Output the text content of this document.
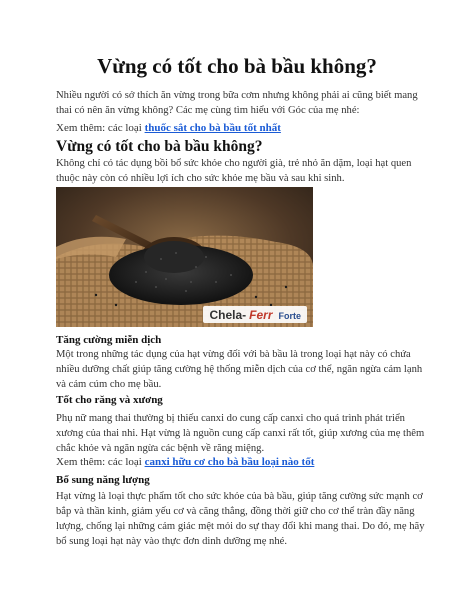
Vừng có tốt cho bà bầu không?

Nhiều người có sở thích ăn vừng trong bữa cơm nhưng không phải ai cũng biết mang thai có nên ăn vừng không? Các mẹ cùng tìm hiểu với Góc của mẹ nhé:

Xem thêm: các loại thuốc sắt cho bà bầu tốt nhất

Vừng có tốt cho bà bầu không?

Không chỉ có tác dụng bồi bổ sức khỏe cho người già, trẻ nhỏ ăn dặm, loại hạt quen thuộc này còn có nhiều lợi ích cho sức khỏe mẹ bầu và sau khi sinh.

Chela- Ferr Forte
Tăng cường miễn dịch

Một trong những tác dụng của hạt vừng đối với bà bầu là trong loại hạt này có chứa nhiều dưỡng chất giúp tăng cường hệ thống miễn dịch của cơ thể, ngăn ngừa cảm lạnh và cảm cúm cho mẹ bầu.

Tốt cho răng và xương

Phụ nữ mang thai thường bị thiếu canxi do cung cấp canxi cho quá trình phát triển xương của thai nhi. Hạt vừng là nguồn cung cấp canxi rất tốt, giúp xương của mẹ thêm chắc khỏe và ngăn ngừa các bệnh về răng miệng.

Xem thêm: các loại canxi hữu cơ cho bà bầu loại nào tốt

Bổ sung năng lượng

Hạt vừng là loại thực phẩm tốt cho sức khỏe của bà bầu, giúp tăng cường sức mạnh cơ bắp và thần kinh, giảm yếu cơ và căng thẳng, đồng thời giữ cho cơ thể tràn đầy năng lượng, chống lại những cảm giác mệt mỏi do sự thay đổi khi mang thai. Do đó, mẹ hãy bổ sung loại hạt này vào thực đơn dinh dưỡng mẹ nhé.
